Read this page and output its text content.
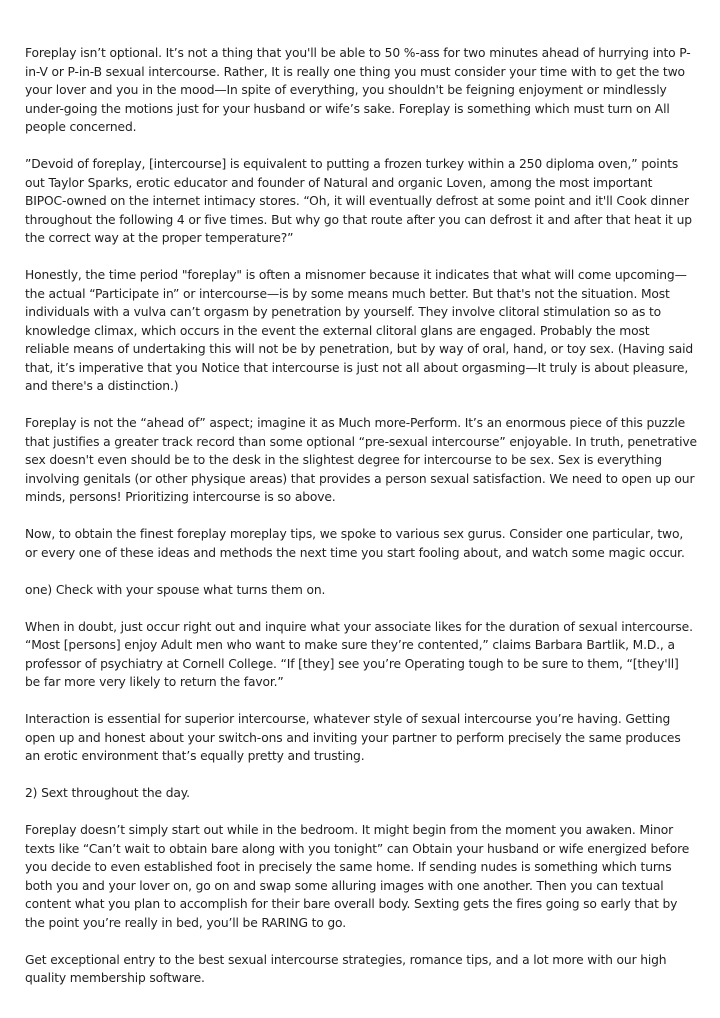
Foreplay isn’t optional. It’s not a thing that you'll be able to 50 %-ass for two minutes ahead of hurrying into P-in-V or P-in-B sexual intercourse. Rather, It is really one thing you must consider your time with to get the two your lover and you in the mood—In spite of everything, you shouldn't be feigning enjoyment or mindlessly under-going the motions just for your husband or wife’s sake. Foreplay is something which must turn on All people concerned.

”Devoid of foreplay, [intercourse] is equivalent to putting a frozen turkey within a 250 diploma oven,” points out Taylor Sparks, erotic educator and founder of Natural and organic Loven, among the most important BIPOC-owned on the internet intimacy stores. “Oh, it will eventually defrost at some point and it'll Cook dinner throughout the following 4 or five times. But why go that route after you can defrost it and after that heat it up the correct way at the proper temperature?”

Honestly, the time period "foreplay" is often a misnomer because it indicates that what will come upcoming—the actual “Participate in” or intercourse—is by some means much better. But that's not the situation. Most individuals with a vulva can’t orgasm by penetration by yourself. They involve clitoral stimulation so as to knowledge climax, which occurs in the event the external clitoral glans are engaged. Probably the most reliable means of undertaking this will not be by penetration, but by way of oral, hand, or toy sex. (Having said that, it’s imperative that you Notice that intercourse is just not all about orgasming—It truly is about pleasure, and there's a distinction.)

Foreplay is not the “ahead of” aspect; imagine it as Much more-Perform. It’s an enormous piece of this puzzle that justifies a greater track record than some optional “pre-sexual intercourse” enjoyable. In truth, penetrative sex doesn't even should be to the desk in the slightest degree for intercourse to be sex. Sex is everything involving genitals (or other physique areas) that provides a person sexual satisfaction. We need to open up our minds, persons! Prioritizing intercourse is so above.

Now, to obtain the finest foreplay moreplay tips, we spoke to various sex gurus. Consider one particular, two, or every one of these ideas and methods the next time you start fooling about, and watch some magic occur.

one) Check with your spouse what turns them on.

When in doubt, just occur right out and inquire what your associate likes for the duration of sexual intercourse. “Most [persons] enjoy Adult men who want to make sure they’re contented,” claims Barbara Bartlik, M.D., a professor of psychiatry at Cornell College. “If [they] see you’re Operating tough to be sure to them, “[they'll] be far more very likely to return the favor.”

Interaction is essential for superior intercourse, whatever style of sexual intercourse you’re having. Getting open up and honest about your switch-ons and inviting your partner to perform precisely the same produces an erotic environment that’s equally pretty and trusting.

2) Sext throughout the day.

Foreplay doesn’t simply start out while in the bedroom. It might begin from the moment you awaken. Minor texts like “Can’t wait to obtain bare along with you tonight” can Obtain your husband or wife energized before you decide to even established foot in precisely the same home. If sending nudes is something which turns both you and your lover on, go on and swap some alluring images with one another. Then you can textual content what you plan to accomplish for their bare overall body. Sexting gets the fires going so early that by the point you’re really in bed, you’ll be RARING to go.

Get exceptional entry to the best sexual intercourse strategies, romance tips, and a lot more with our high quality membership software.
